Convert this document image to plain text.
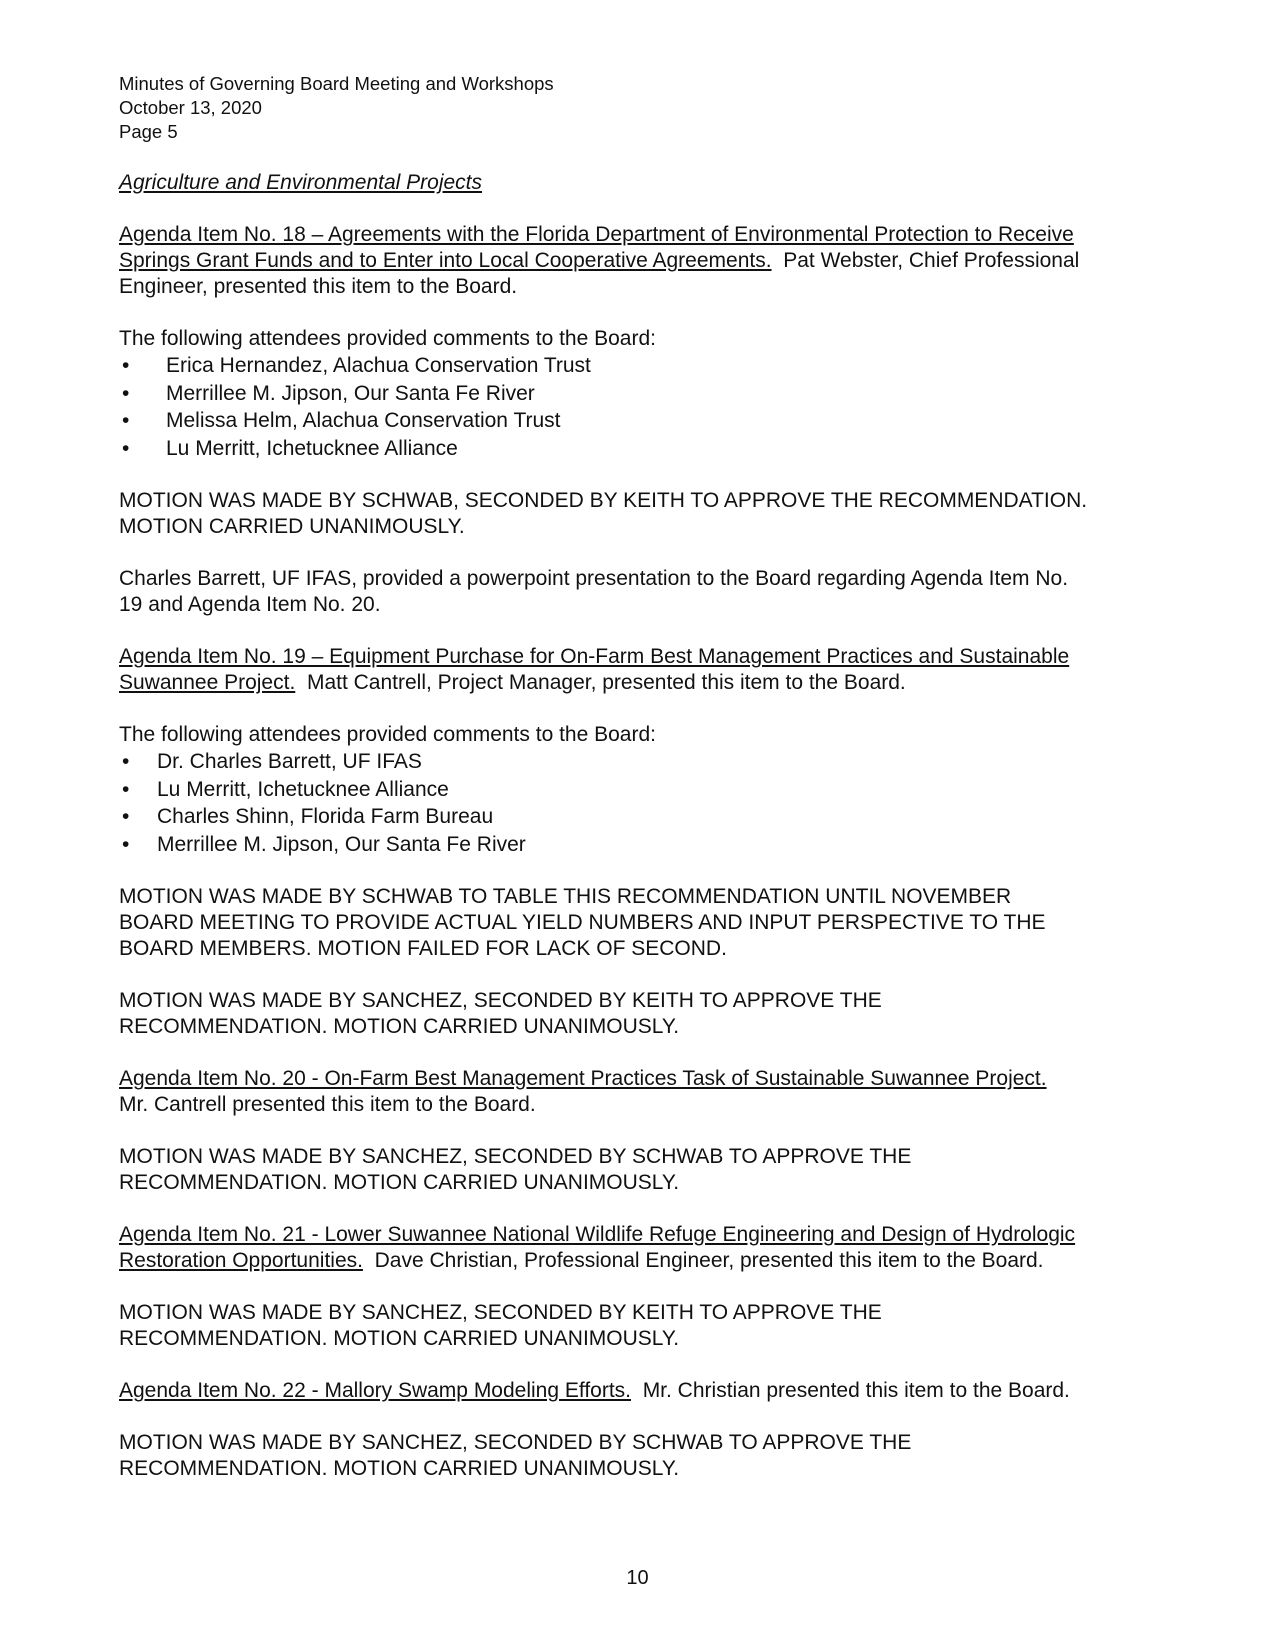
Minutes of Governing Board Meeting and Workshops
October 13, 2020
Page 5
Agriculture and Environmental Projects
Agenda Item No. 18 – Agreements with the Florida Department of Environmental Protection to Receive
Springs Grant Funds and to Enter into Local Cooperative Agreements. Pat Webster, Chief Professional
Engineer, presented this item to the Board.
The following attendees provided comments to the Board:
• Erica Hernandez, Alachua Conservation Trust
• Merrillee M. Jipson, Our Santa Fe River
• Melissa Helm, Alachua Conservation Trust
• Lu Merritt, Ichetucknee Alliance
MOTION WAS MADE BY SCHWAB, SECONDED BY KEITH TO APPROVE THE RECOMMENDATION.
MOTION CARRIED UNANIMOUSLY.
Charles Barrett, UF IFAS, provided a powerpoint presentation to the Board regarding Agenda Item No.
19 and Agenda Item No. 20.
Agenda Item No. 19 – Equipment Purchase for On-Farm Best Management Practices and Sustainable
Suwannee Project. Matt Cantrell, Project Manager, presented this item to the Board.
The following attendees provided comments to the Board:
• Dr. Charles Barrett, UF IFAS
• Lu Merritt, Ichetucknee Alliance
• Charles Shinn, Florida Farm Bureau
• Merrillee M. Jipson, Our Santa Fe River
MOTION WAS MADE BY SCHWAB TO TABLE THIS RECOMMENDATION UNTIL NOVEMBER
BOARD MEETING TO PROVIDE ACTUAL YIELD NUMBERS AND INPUT PERSPECTIVE TO THE
BOARD MEMBERS. MOTION FAILED FOR LACK OF SECOND.
MOTION WAS MADE BY SANCHEZ, SECONDED BY KEITH TO APPROVE THE
RECOMMENDATION. MOTION CARRIED UNANIMOUSLY.
Agenda Item No. 20 - On-Farm Best Management Practices Task of Sustainable Suwannee Project.
Mr. Cantrell presented this item to the Board.
MOTION WAS MADE BY SANCHEZ, SECONDED BY SCHWAB TO APPROVE THE
RECOMMENDATION. MOTION CARRIED UNANIMOUSLY.
Agenda Item No. 21 - Lower Suwannee National Wildlife Refuge Engineering and Design of Hydrologic
Restoration Opportunities. Dave Christian, Professional Engineer, presented this item to the Board.
MOTION WAS MADE BY SANCHEZ, SECONDED BY KEITH TO APPROVE THE
RECOMMENDATION. MOTION CARRIED UNANIMOUSLY.
Agenda Item No. 22 - Mallory Swamp Modeling Efforts. Mr. Christian presented this item to the Board.
MOTION WAS MADE BY SANCHEZ, SECONDED BY SCHWAB TO APPROVE THE
RECOMMENDATION. MOTION CARRIED UNANIMOUSLY.
10
